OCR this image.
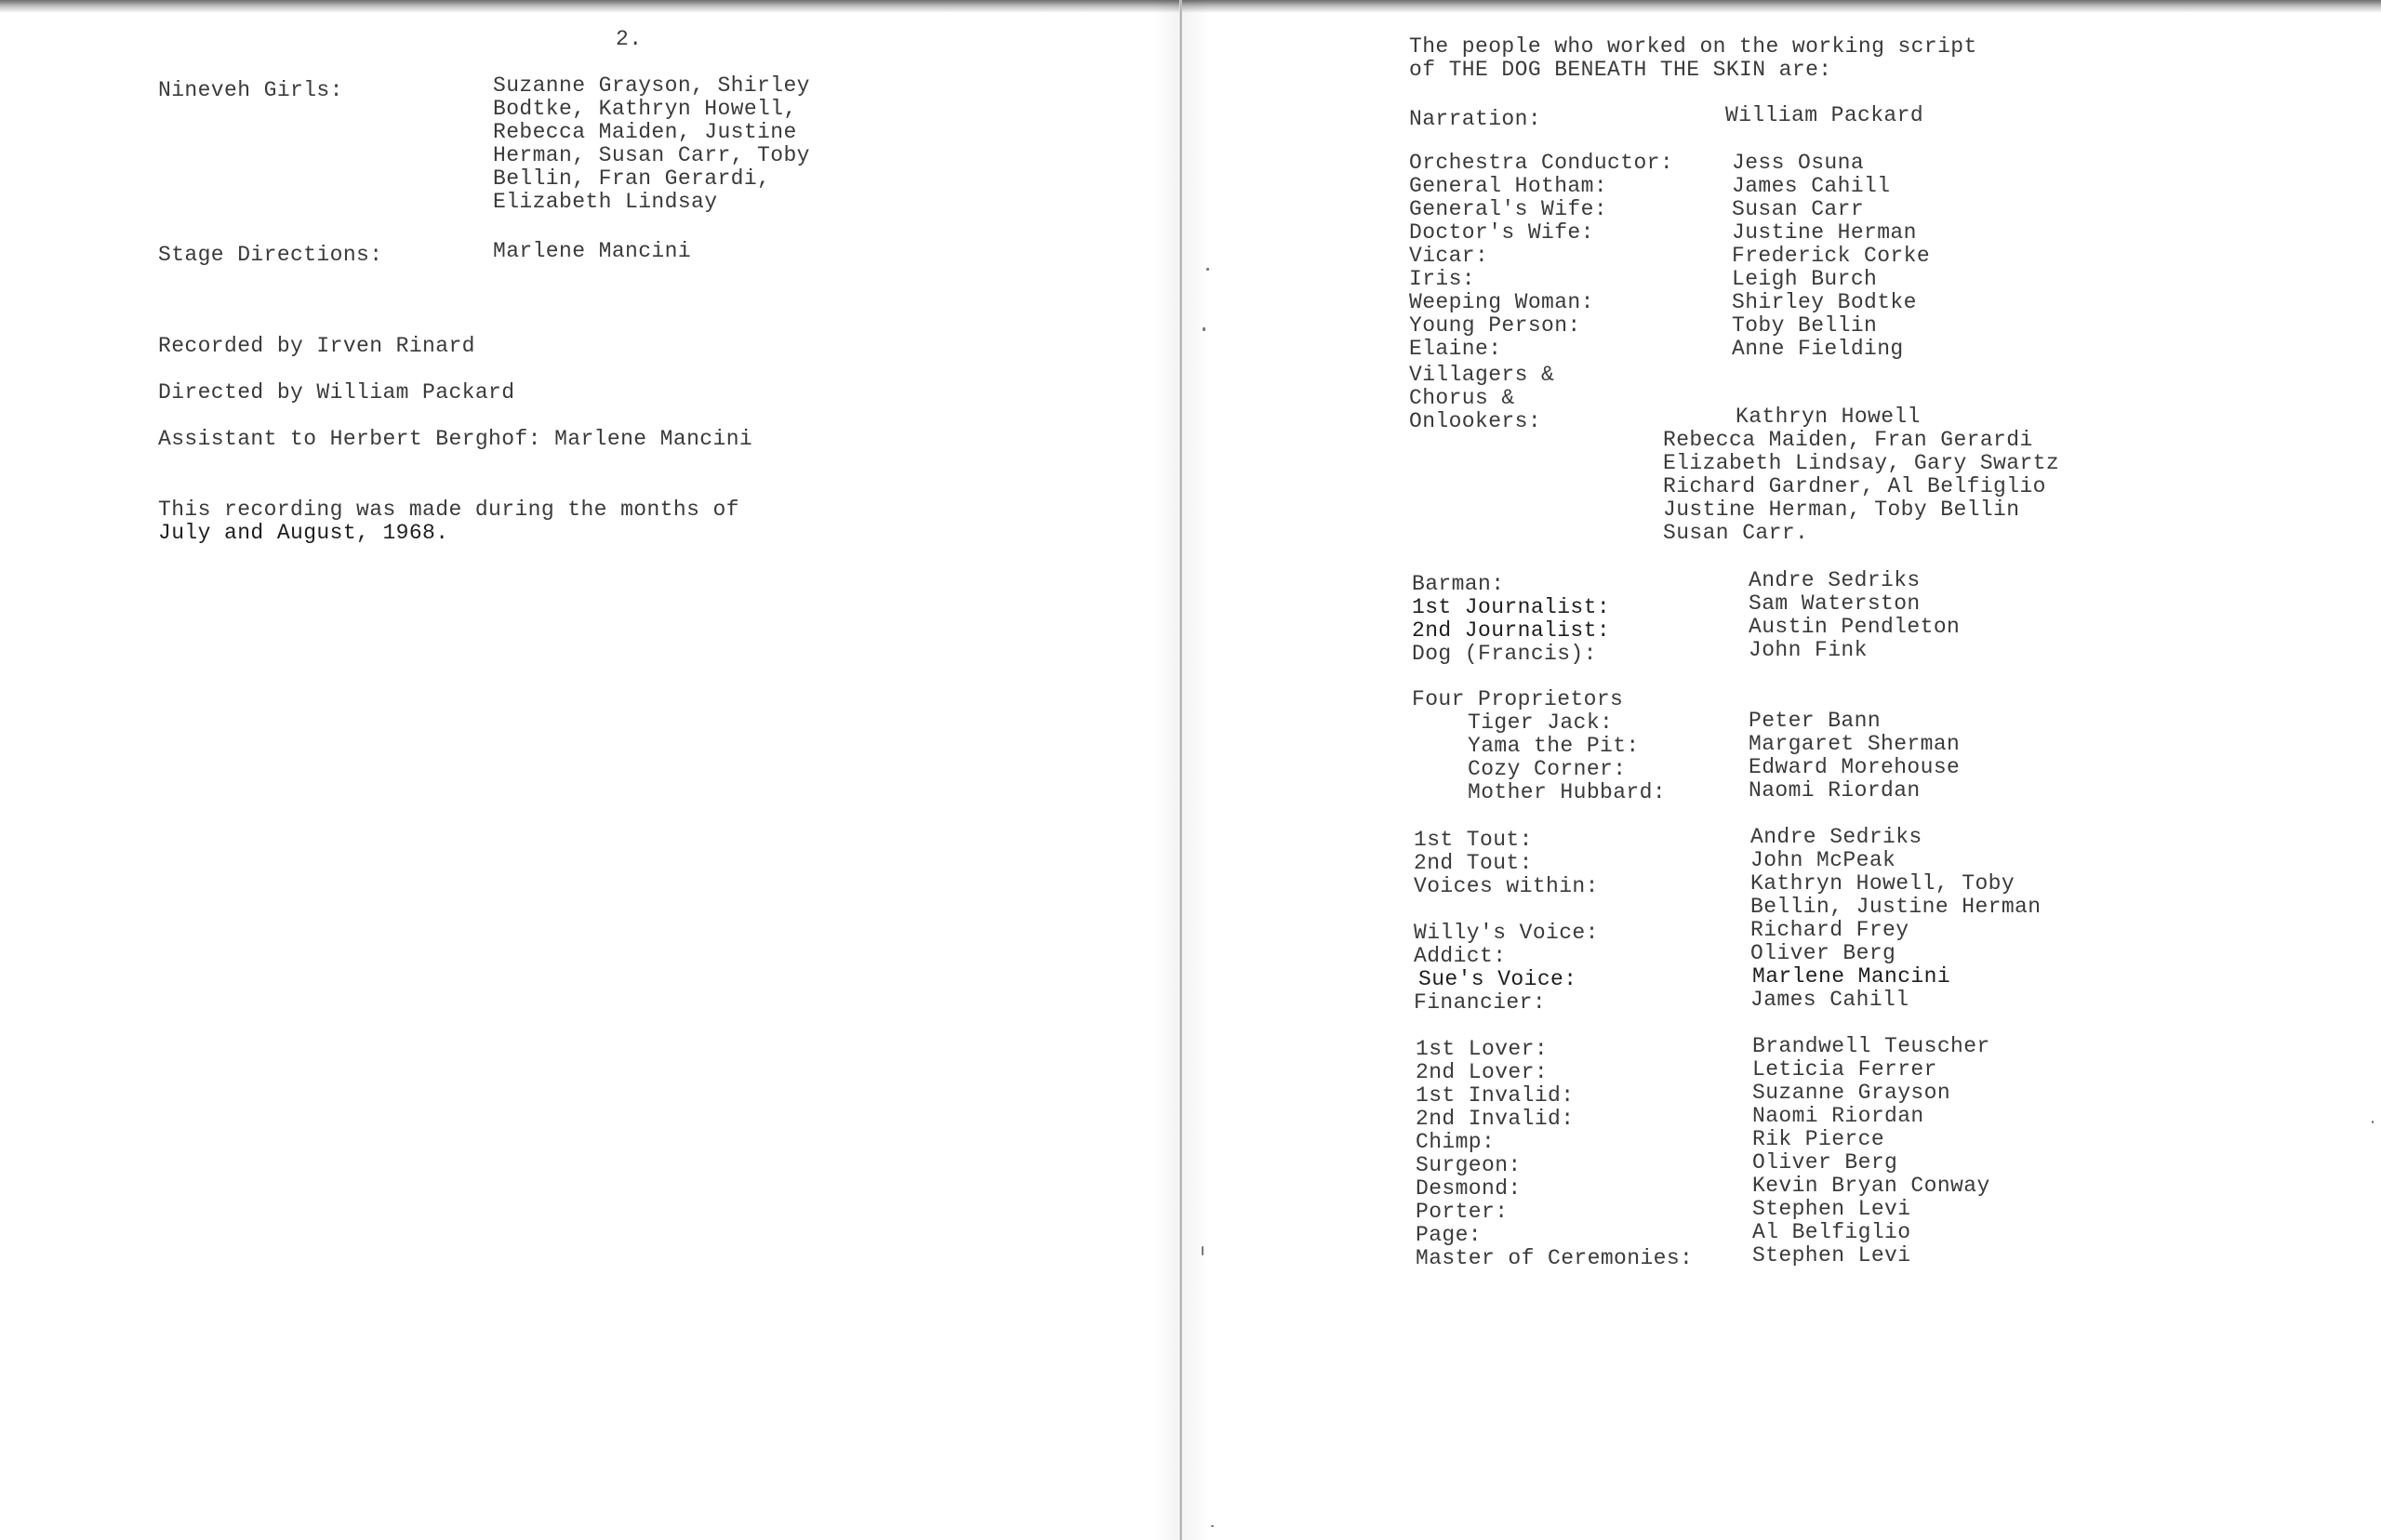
2.
Nineveh Girls:	Suzanne Grayson, Shirley
Bodtke, Kathryn Howell,
Rebecca Maiden, Justine
Herman, Susan Carr, Toby
Bellin, Fran Gerardi,
Elizabeth Lindsay
Stage Directions:	Marlene Mancini
Recorded by Irven Rinard
Directed by William Packard
Assistant to Herbert Berghof: Marlene Mancini
This recording was made during the months of
July and August, 1968.
The people who worked on the working script
of THE DOG BENEATH THE SKIN are:
Narration:	William Packard
Orchestra Conductor:	Jess Osuna
General Hotham:	James Cahill
General's Wife:	Susan Carr
Doctor's Wife:	Justine Herman
Vicar:	Frederick Corke
Iris:	Leigh Burch
Weeping Woman:	Shirley Bodtke
Young Person:	Toby Bellin
Elaine:	Anne Fielding
Villagers &
Chorus &
Onlookers:	Kathryn Howell
Rebecca Maiden, Fran Gerardi
Elizabeth Lindsay, Gary Swartz
Richard Gardner, Al Belfiglio
Justine Herman, Toby Bellin
Susan Carr.
Barman:	Andre Sedriks
1st Journalist:	Sam Waterston
2nd Journalist:	Austin Pendleton
Dog (Francis):	John Fink
Four Proprietors
Tiger Jack:	Peter Bann
Yama the Pit:	Margaret Sherman
Cozy Corner:	Edward Morehouse
Mother Hubbard:	Naomi Riordan
1st Tout:	Andre Sedriks
2nd Tout:	John McPeak
Voices within:	Kathryn Howell, Toby
Bellin, Justine Herman
Willy's Voice:	Richard Frey
Addict:	Oliver Berg
Sue's Voice:	Marlene Mancini
Financier:	James Cahill
1st Lover:	Brandwell Teuscher
2nd Lover:	Leticia Ferrer
1st Invalid:	Suzanne Grayson
2nd Invalid:	Naomi Riordan
Chimp:	Rik Pierce
Surgeon:	Oliver Berg
Desmond:	Kevin Bryan Conway
Porter:	Stephen Levi
Page:	Al Belfiglio
Master of Ceremonies:	Stephen Levi
